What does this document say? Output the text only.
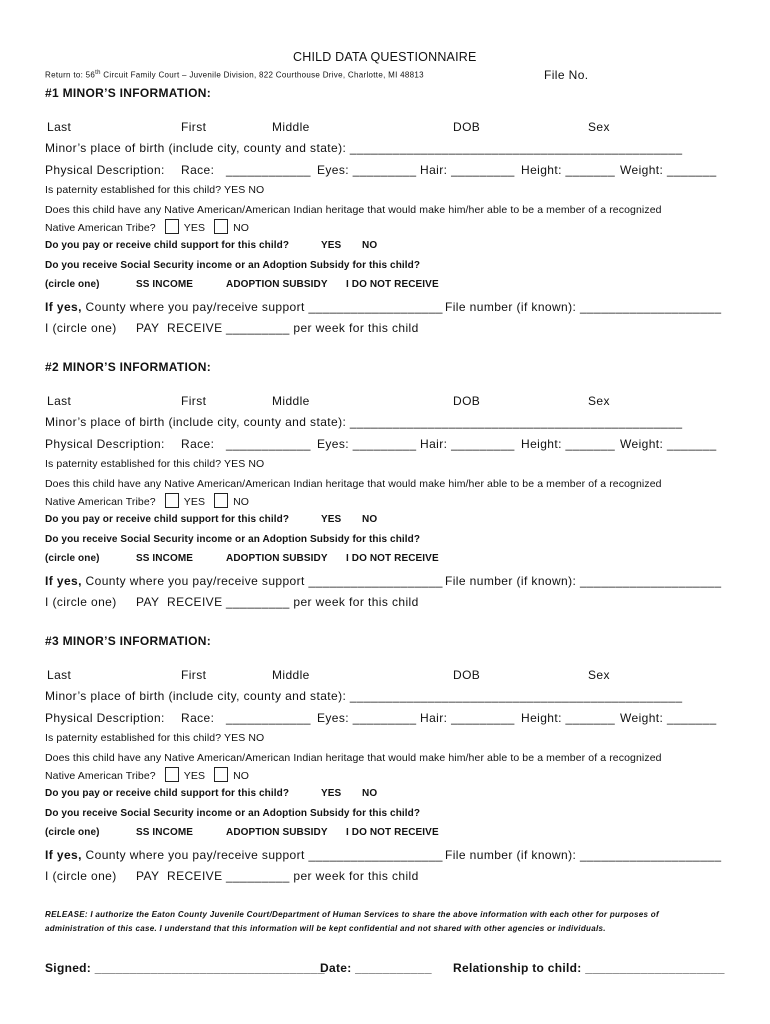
CHILD DATA QUESTIONNAIRE
Return to: 56th Circuit Family Court – Juvenile Division, 822 Courthouse Drive, Charlotte, MI 48813	File No.
#1 MINOR’S INFORMATION:
Last	First	Middle	DOB	Sex
Minor’s place of birth (include city, county and state): _______________________________________________
Physical Description: Race: ____________ Eyes: _________ Hair: _________ Height: _______ Weight: _______
Is paternity established for this child? YES NO
Does this child have any Native American/American Indian heritage that would make him/her able to be a member of a recognized
Native American Tribe?	YES	NO
Do you pay or receive child support for this child?	YES NO
Do you receive Social Security income or an Adoption Subsidy for this child?
(circle one)	SS INCOME	ADOPTION SUBSIDY I DO NOT RECEIVE
If yes, County where you pay/receive support ___________________ File number (if known): ____________________
I (circle one) PAY RECEIVE _________ per week for this child
#2 MINOR’S INFORMATION:
Last	First	Middle	DOB	Sex
Minor’s place of birth (include city, county and state): _______________________________________________
Physical Description: Race: ____________ Eyes: _________ Hair: _________ Height: _______ Weight: _______
Is paternity established for this child? YES NO
Does this child have any Native American/American Indian heritage that would make him/her able to be a member of a recognized
Native American Tribe?	YES	NO
Do you pay or receive child support for this child?	YES NO
Do you receive Social Security income or an Adoption Subsidy for this child?
(circle one)	SS INCOME	ADOPTION SUBSIDY I DO NOT RECEIVE
If yes, County where you pay/receive support ___________________ File number (if known): ____________________
I (circle one) PAY RECEIVE _________ per week for this child
#3 MINOR’S INFORMATION:
Last	First	Middle	DOB	Sex
Minor’s place of birth (include city, county and state): _______________________________________________
Physical Description: Race: ____________ Eyes: _________ Hair: _________ Height: _______ Weight: _______
Is paternity established for this child? YES NO
Does this child have any Native American/American Indian heritage that would make him/her able to be a member of a recognized
Native American Tribe?	YES	NO
Do you pay or receive child support for this child?	YES NO
Do you receive Social Security income or an Adoption Subsidy for this child?
(circle one)	SS INCOME	ADOPTION SUBSIDY I DO NOT RECEIVE
If yes, County where you pay/receive support ___________________ File number (if known): ____________________
I (circle one) PAY RECEIVE _________ per week for this child
RELEASE: I authorize the Eaton County Juvenile Court/Department of Human Services to share the above information with each other for purposes of
administration of this case. I understand that this information will be kept confidential and not shared with other agencies or individuals.
Signed: _________________________________
Date: ___________ Relationship to child: ____________________
